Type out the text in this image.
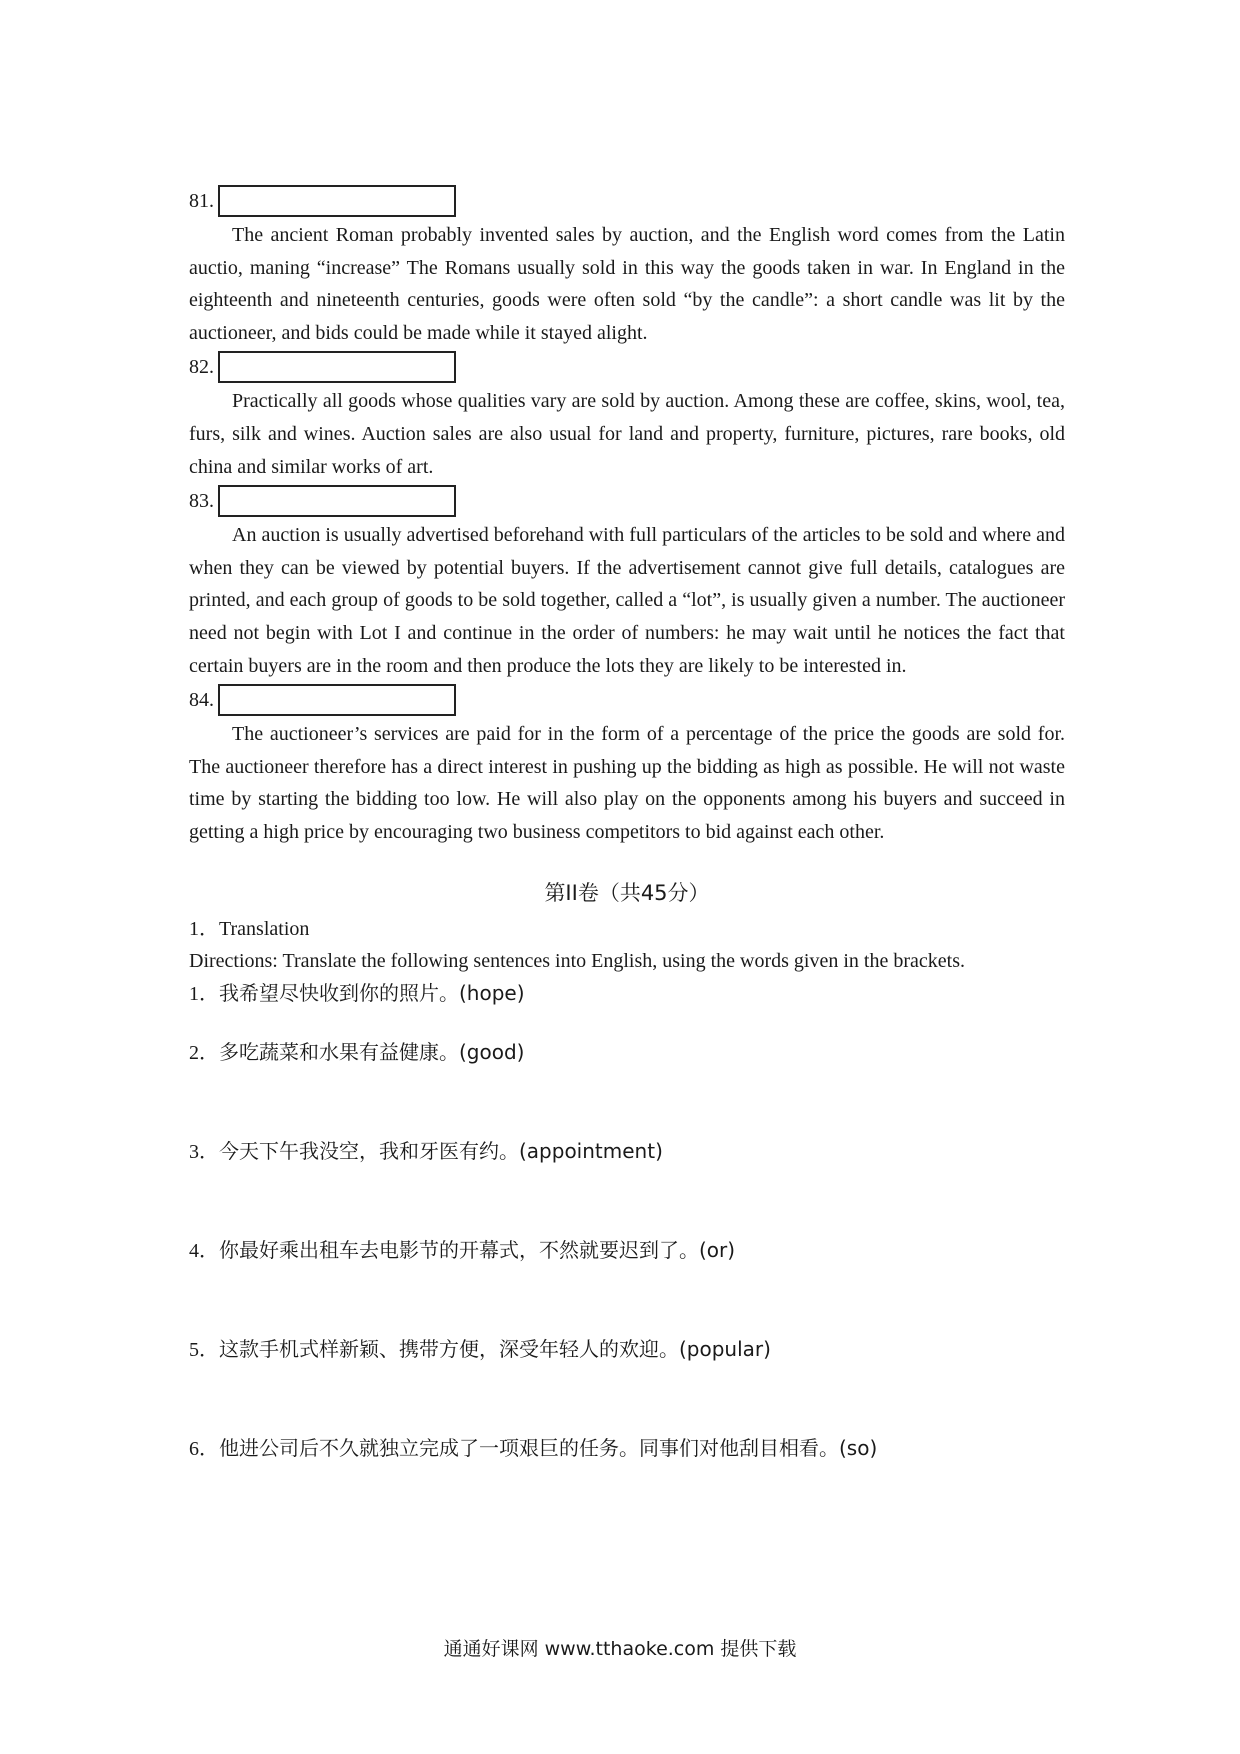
81.

The ancient Roman probably invented sales by auction, and the English word comes from the Latin auctio, maning “increase” The Romans usually sold in this way the goods taken in war. In England in the eighteenth and nineteenth centuries, goods were often sold “by the candle”: a short candle was lit by the auctioneer, and bids could be made while it stayed alight.

82.

Practically all goods whose qualities vary are sold by auction. Among these are coffee, skins, wool, tea, furs, silk and wines. Auction sales are also usual for land and property, furniture, pictures, rare books, old china and similar works of art.

83.

An auction is usually advertised beforehand with full particulars of the articles to be sold and where and when they can be viewed by potential buyers. If the advertisement cannot give full details, catalogues are printed, and each group of goods to be sold together, called a “lot”, is usually given a number. The auctioneer need not begin with Lot I and continue in the order of numbers: he may wait until he notices the fact that certain buyers are in the room and then produce the lots they are likely to be interested in.

84.

The auctioneer’s services are paid for in the form of a percentage of the price the goods are sold for. The auctioneer therefore has a direct interest in pushing up the bidding as high as possible. He will not waste time by starting the bidding too low. He will also play on the opponents among his buyers and succeed in getting a high price by encouraging two business competitors to bid against each other.

第II卷（共45分）
1．Translation
Directions: Translate the following sentences into English, using the words given in the brackets.
1．我希望尽快收到你的照片。(hope)
2．多吃蔬菜和水果有益健康。(good)
3．今天下午我没空，我和牙医有约。(appointment)
4．你最好乘出租车去电影节的开幕式，不然就要迟到了。(or)
5．这款手机式样新颖、携带方便，深受年轻人的欢迎。(popular)
6．他进公司后不久就独立完成了一项艰巨的任务。同事们对他刮目相看。(so)
通通好课网 www.tthaoke.com 提供下载
